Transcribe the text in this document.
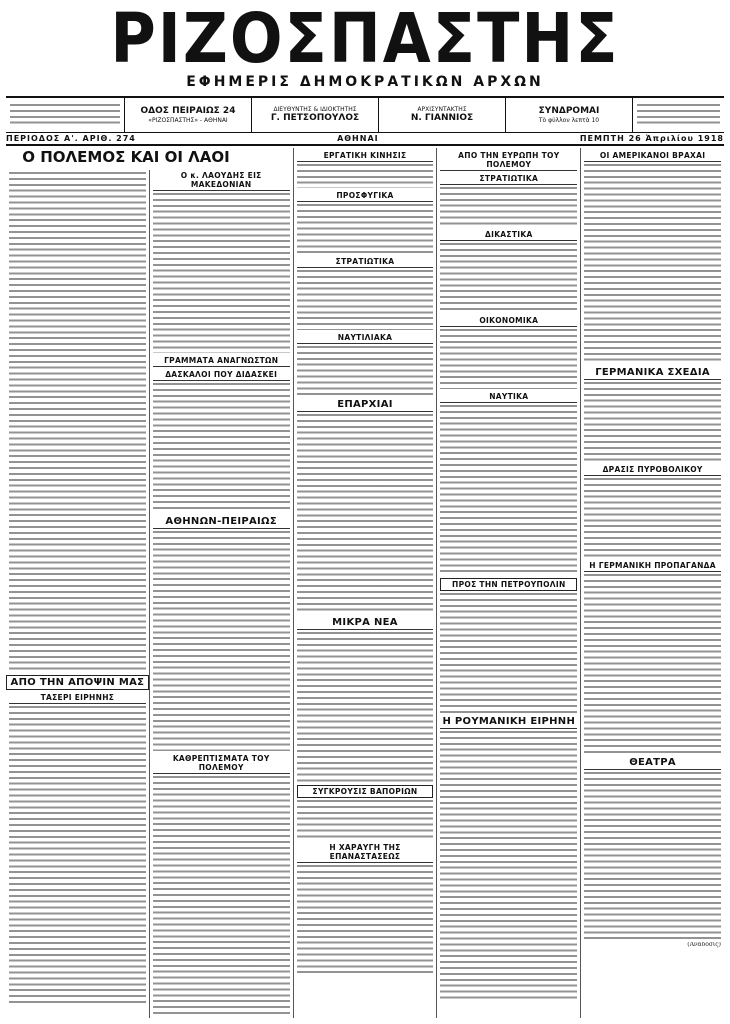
ΡΙΖΟΣΠΑΣΤΗΣ
ΕΦΗΜΕΡΙΣ ΔΗΜΟΚΡΑΤΙΚΩΝ ΑΡΧΩΝ
ΟΔΟΣ ΠΕΙΡΑΙΩΣ 24
«ΡΙΖΟΣΠΑΣΤΗΣ» - ΑΘΗΝΑΙ
ΔΙΕΥΘΥΝΤΗΣ & ΙΔΙΟΚΤΗΤΗΣ
Γ. ΠΕΤΣΟΠΟΥΛΟΣ
ΑΡΧΙΣΥΝΤΑΚΤΗΣ
Ν. ΓΙΑΝΝΙΟΣ
ΣΥΝΔΡΟΜΑΙ
Τὸ φύλλον λεπτὰ 10
ΠΕΡΙΟΔΟΣ Α'. ΑΡΙΘ. 274	ΑΘΗΝΑΙ	ΠΕΜΠΤΗ 26 Ἀπριλίου 1918
Ο ΠΟΛΕΜΟΣ ΚΑΙ ΟΙ ΛΑΟΙ
ΑΠΟ ΤΗΝ ΑΠΟΨΙΝ ΜΑΣ
ΤΑΣΕΡΙ ΕΙΡΗΝΗΣ
Ο κ. ΛΑΟΥΔΗΣ ΕΙΣ ΜΑΚΕΔΟΝΙΑΝ
ΓΡΑΜΜΑΤΑ ΑΝΑΓΝΩΣΤΩΝ
ΔΑΣΚΑΛΟΙ ΠΟΥ ΔΙΔΑΣΚΕΙ
ΑΘΗΝΩΝ-ΠΕΙΡΑΙΩΣ
ΚΑΘΡΕΠΤΙΣΜΑΤΑ ΤΟΥ ΠΟΛΕΜΟΥ
ΕΡΓΑΤΙΚΗ ΚΙΝΗΣΙΣ
ΠΡΟΣΦΥΓΙΚΑ
ΣΤΡΑΤΙΩΤΙΚΑ
ΝΑΥΤΙΛΙΑΚΑ
ΕΠΑΡΧΙΑΙ
ΜΙΚΡΑ ΝΕΑ
ΣΥΓΚΡΟΥΣΙΣ ΒΑΠΟΡΙΩΝ
Η ΧΑΡΑΥΓΗ ΤΗΣ ΕΠΑΝΑΣΤΑΣΕΩΣ
ΑΠΟ ΤΗΝ ΕΥΡΩΠΗ ΤΟΥ ΠΟΛΕΜΟΥ
ΣΤΡΑΤΙΩΤΙΚΑ
ΔΙΚΑΣΤΙΚΑ
ΟΙΚΟΝΟΜΙΚΑ
ΝΑΥΤΙΚΑ
ΠΡΟΣ ΤΗΝ ΠΕΤΡΟΥΠΟΛΙΝ
Η ΡΟΥΜΑΝΙΚΗ ΕΙΡΗΝΗ
ΟΙ ΑΜΕΡΙΚΑΝΟΙ ΒΡΑΧΑΙ
ΓΕΡΜΑΝΙΚΑ ΣΧΕΔΙΑ
ΔΡΑΣΙΣ ΠΥΡΟΒΟΛΙΚΟΥ
Η ΓΕΡΜΑΝΙΚΗ ΠΡΟΠΑΓΑΝΔΑ
ΘΕΑΤΡΑ
(Ἀνάδοσις)
